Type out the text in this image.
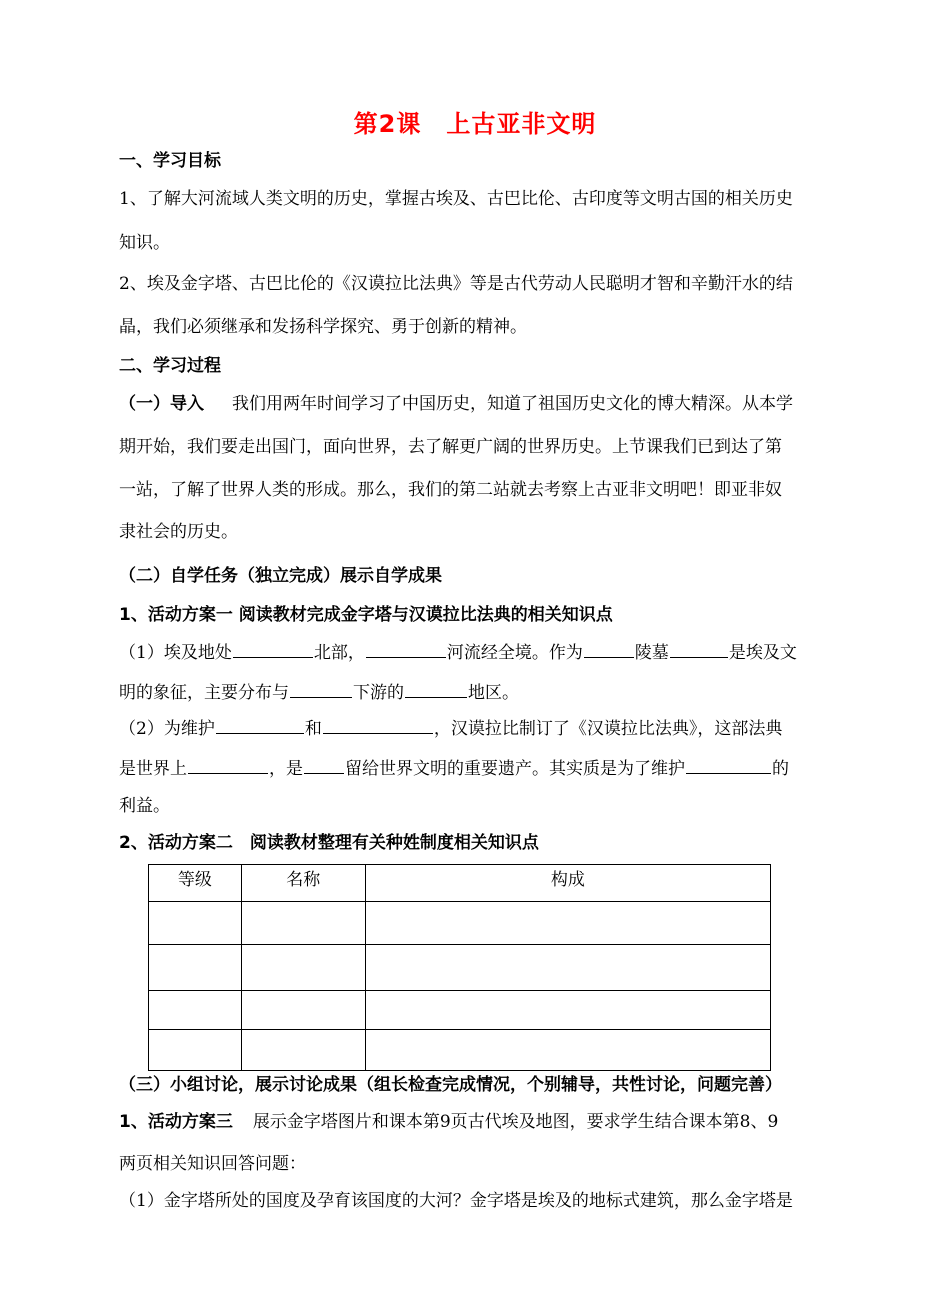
第2课　上古亚非文明
一、学习目标
1、了解大河流域人类文明的历史，掌握古埃及、古巴比伦、古印度等文明古国的相关历史
知识。
2、埃及金字塔、古巴比伦的《汉谟拉比法典》等是古代劳动人民聪明才智和辛勤汗水的结
晶，我们必须继承和发扬科学探究、勇于创新的精神。
二、学习过程
（一）导入 我们用两年时间学习了中国历史，知道了祖国历史文化的博大精深。从本学
期开始，我们要走出国门，面向世界，去了解更广阔的世界历史。上节课我们已到达了第
一站，了解了世界人类的形成。那么，我们的第二站就去考察上古亚非文明吧！即亚非奴
隶社会的历史。
（二）自学任务（独立完成）展示自学成果
1、活动方案一 阅读教材完成金字塔与汉谟拉比法典的相关知识点
（1）埃及地处	北部，	河流经全境。作为	陵墓	是埃及文
明的象征，主要分布与	下游的	地区。
（2）为维护	和	，汉谟拉比制订了《汉谟拉比法典》，这部法典
是世界上	，是 留给世界文明的重要遗产。其实质是为了维护	的
利益。
2、活动方案二　阅读教材整理有关种姓制度相关知识点
等级	名称	构成

（三）小组讨论，展示讨论成果（组长检查完成情况，个别辅导，共性讨论，问题完善）
1、活动方案三 展示金字塔图片和课本第9页古代埃及地图，要求学生结合课本第8、9
两页相关知识回答问题：
（1）金字塔所处的国度及孕育该国度的大河？金字塔是埃及的地标式建筑，那么金字塔是
